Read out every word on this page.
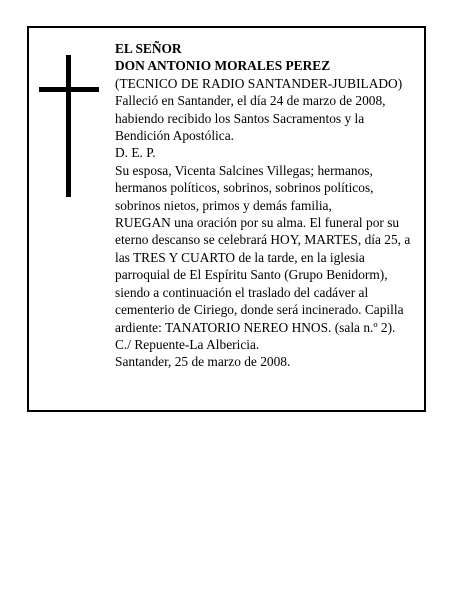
EL SEÑOR
DON ANTONIO MORALES PEREZ
(TECNICO DE RADIO SANTANDER-JUBILADO)
Falleció en Santander, el día 24 de marzo de 2008,
habiendo recibido los Santos Sacramentos y la
Bendición Apostólica.
D. E. P.
Su esposa, Vicenta Salcines Villegas; hermanos,
hermanos políticos, sobrinos, sobrinos políticos,
sobrinos nietos, primos y demás familia,
RUEGAN una oración por su alma. El funeral por su
eterno descanso se celebrará HOY, MARTES, día 25, a
las TRES Y CUARTO de la tarde, en la iglesia
parroquial de El Espíritu Santo (Grupo Benidorm),
siendo a continuación el traslado del cadáver al
cementerio de Ciriego, donde será incinerado. Capilla
ardiente: TANATORIO NEREO HNOS. (sala n.º 2).
C./ Repuente-La Albericia.
Santander, 25 de marzo de 2008.
